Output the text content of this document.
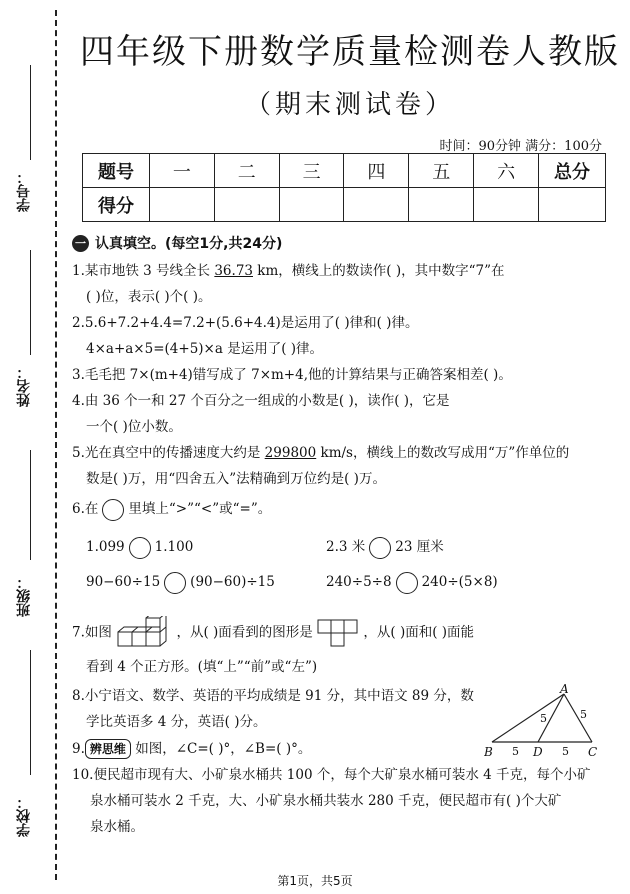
学号：
姓名：
班级：
学校：
四年级下册数学质量检测卷人教版
（期末测试卷）
时间：90分钟 满分：100分
题号	一	二	三	四	五	六	总分
得分							
一 认真填空。(每空1分,共24分)
1.某市地铁 3 号线全长 36.73 km，横线上的数读作( )，其中数字“7”在
( )位，表示( )个( )。
2.5.6+7.2+4.4=7.2+(5.6+4.4)是运用了( )律和( )律。
4×a+a×5=(4+5)×a 是运用了( )律。
3.毛毛把 7×(m+4)错写成了 7×m+4,他的计算结果与正确答案相差( )。
4.由 36 个一和 27 个百分之一组成的小数是( )，读作( )，它是
一个( )位小数。
5.光在真空中的传播速度大约是 299800 km/s，横线上的数改写成用“万”作单位的
数是( )万，用“四舍五入”法精确到万位约是( )万。
6.在 里填上“>”“<”或“=”。
1.099 1.100	2.3 米 23 厘米
90−60÷15 (90−60)÷15	240÷5÷8 240÷(5×8)
7.如图	，从( )面看到的图形是	，从( )面和( )面能
看到 4 个正方形。(填“上”“前”或“左”)
8.小宁语文、数学、英语的平均成绩是 91 分，其中语文 89 分，数
学比英语多 4 分，英语( )分。
A
B	D	C
5	5
5	5
9. 辨思维 如图，∠C=( )°，∠B=( )°。
10.便民超市现有大、小矿泉水桶共 100 个，每个大矿泉水桶可装水 4 千克，每个小矿
泉水桶可装水 2 千克，大、小矿泉水桶共装水 280 千克，便民超市有( )个大矿
泉水桶。
第1页，共5页
